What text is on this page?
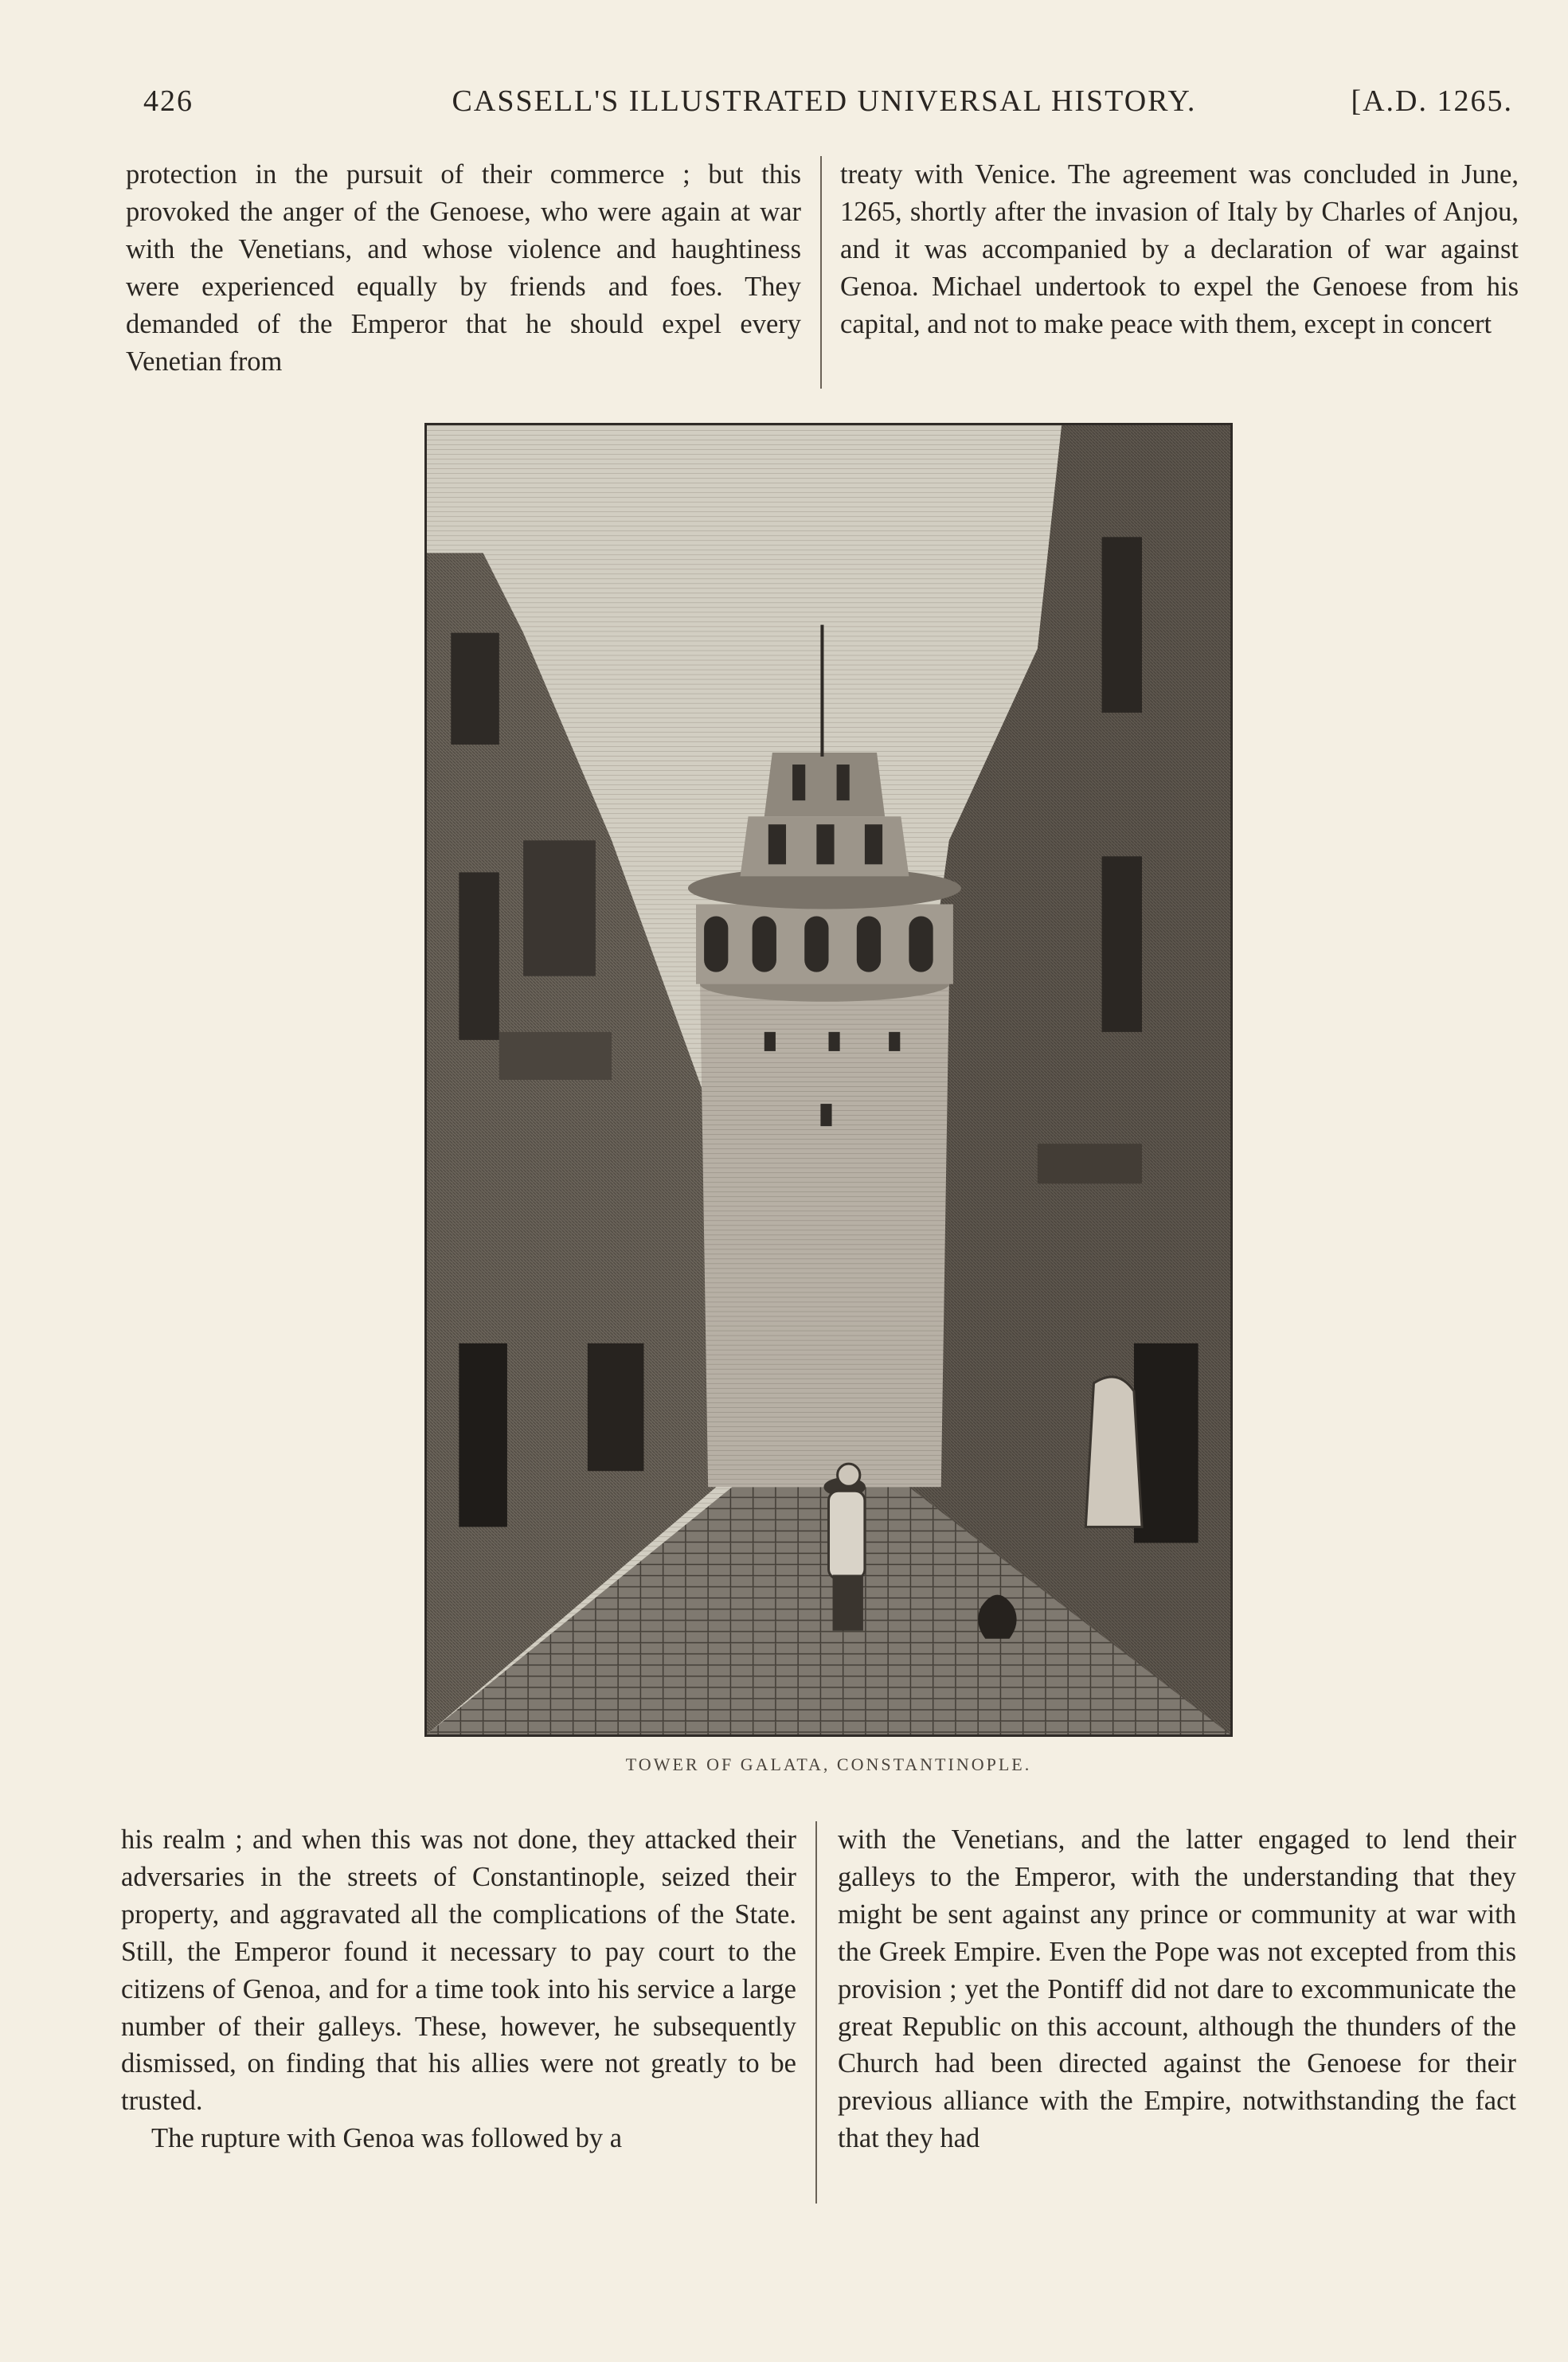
426	CASSELL'S ILLUSTRATED UNIVERSAL HISTORY.	[A.D. 1265.

protection in the pursuit of their commerce ; but this provoked the anger of the Genoese, who were again at war with the Venetians, and whose violence and haughtiness were experienced equally by friends and foes. They demanded of the Emperor that he should expel every Venetian from

treaty with Venice. The agreement was concluded in June, 1265, shortly after the invasion of Italy by Charles of Anjou, and it was accompanied by a declaration of war against Genoa. Michael undertook to expel the Genoese from his capital, and not to make peace with them, except in concert

TOWER OF GALATA, CONSTANTINOPLE.

his realm ; and when this was not done, they attacked their adversaries in the streets of Constantinople, seized their property, and aggravated all the complications of the State. Still, the Emperor found it necessary to pay court to the citizens of Genoa, and for a time took into his service a large number of their galleys. These, however, he subsequently dismissed, on finding that his allies were not greatly to be trusted.

The rupture with Genoa was followed by a

with the Venetians, and the latter engaged to lend their galleys to the Emperor, with the understanding that they might be sent against any prince or community at war with the Greek Empire. Even the Pope was not excepted from this provision ; yet the Pontiff did not dare to excommunicate the great Republic on this account, although the thunders of the Church had been directed against the Genoese for their previous alliance with the Empire, notwithstanding the fact that they had
